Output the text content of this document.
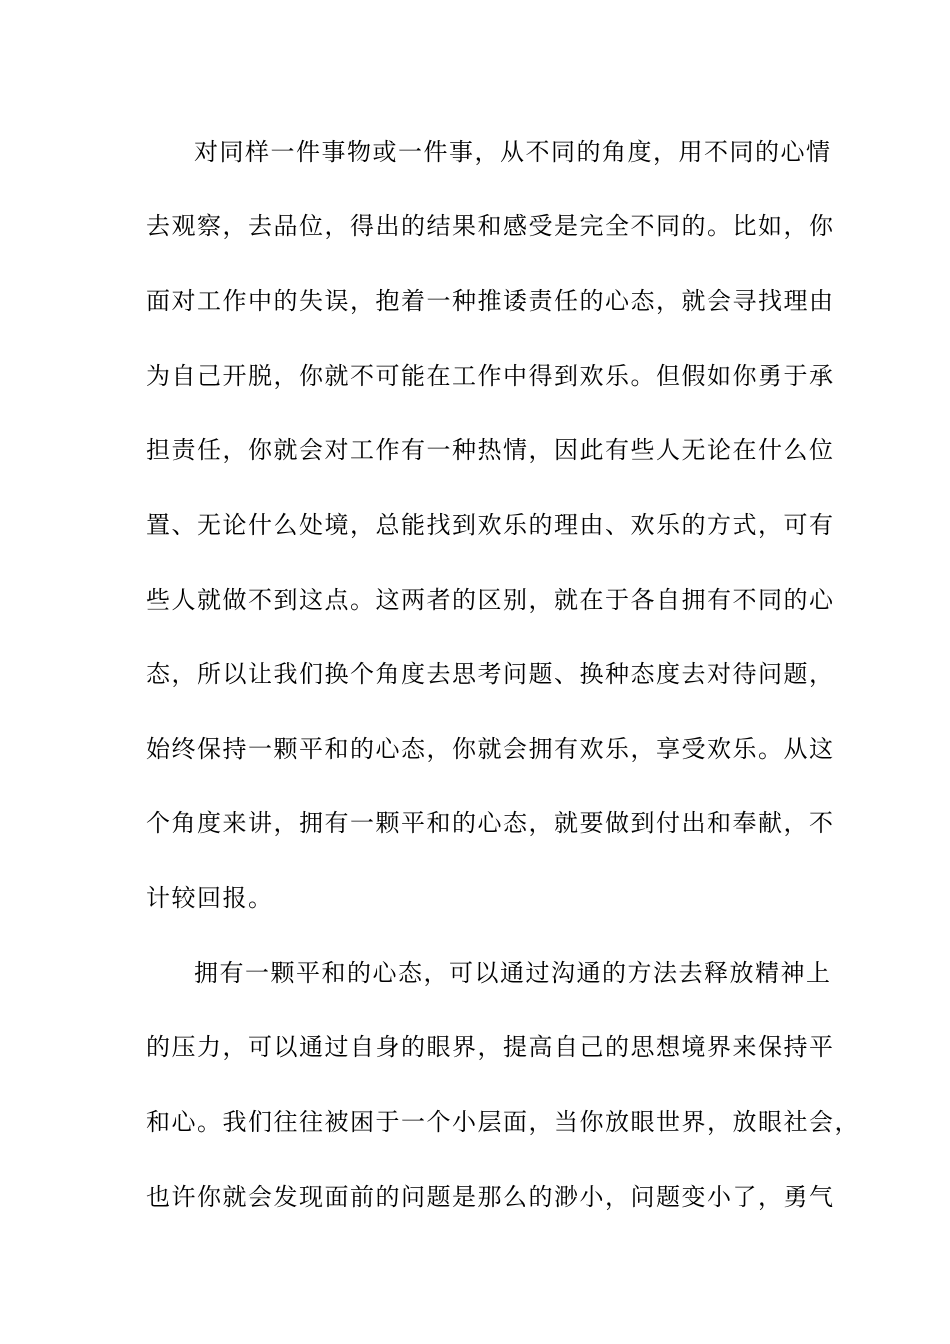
对同样一件事物或一件事，从不同的角度，用不同的心情
去观察，去品位，得出的结果和感受是完全不同的。比如，你
面对工作中的失误，抱着一种推诿责任的心态，就会寻找理由
为自己开脱，你就不可能在工作中得到欢乐。但假如你勇于承
担责任，你就会对工作有一种热情，因此有些人无论在什么位
置、无论什么处境，总能找到欢乐的理由、欢乐的方式，可有
些人就做不到这点。这两者的区别，就在于各自拥有不同的心
态，所以让我们换个角度去思考问题、换种态度去对待问题，
始终保持一颗平和的心态，你就会拥有欢乐，享受欢乐。从这
个角度来讲，拥有一颗平和的心态，就要做到付出和奉献，不
计较回报。
拥有一颗平和的心态，可以通过沟通的方法去释放精神上
的压力，可以通过自身的眼界，提高自己的思想境界来保持平
和心。我们往往被困于一个小层面，当你放眼世界，放眼社会，
也许你就会发现面前的问题是那么的渺小，问题变小了，勇气
